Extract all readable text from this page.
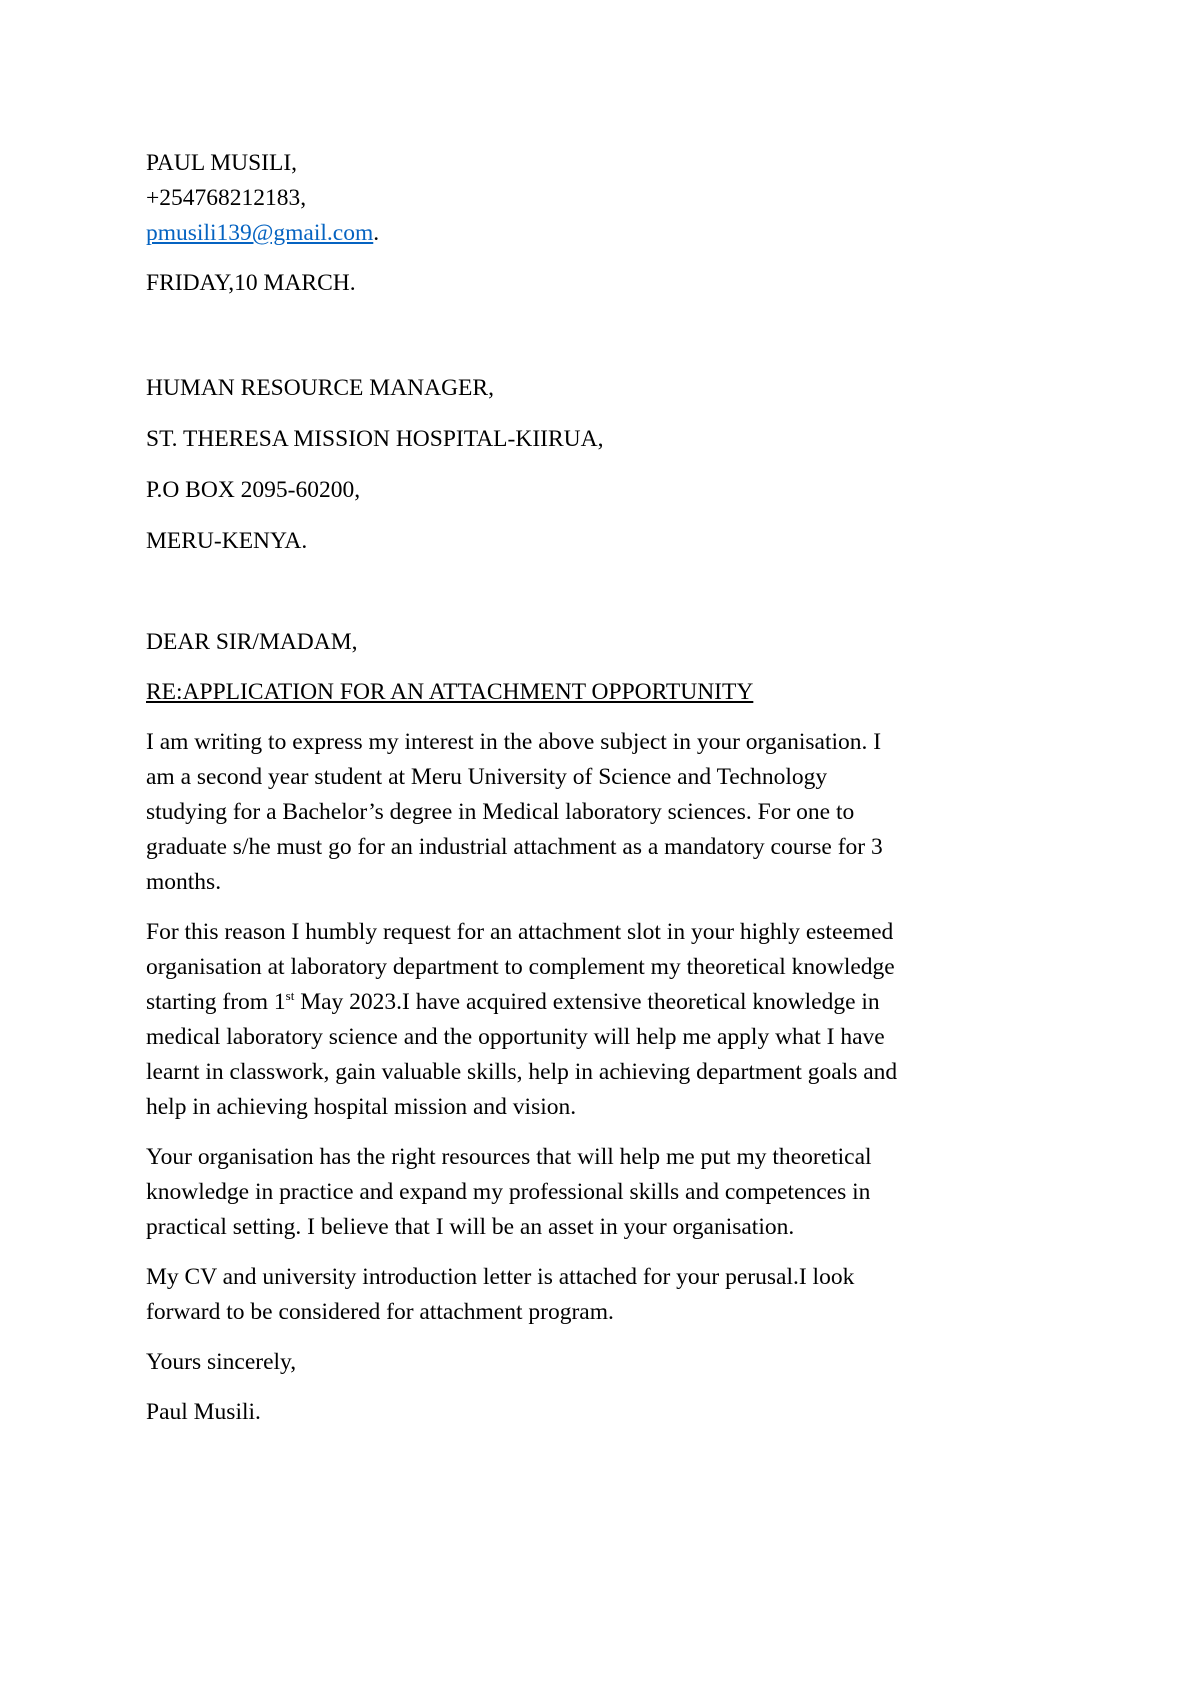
PAUL MUSILI,
+254768212183,
pmusili139@gmail.com.
FRIDAY,10 MARCH.
HUMAN RESOURCE MANAGER,
ST. THERESA MISSION HOSPITAL-KIIRUA,
P.O BOX 2095-60200,
MERU-KENYA.
DEAR SIR/MADAM,
RE:APPLICATION FOR AN ATTACHMENT OPPORTUNITY

I am writing to express my interest in the above subject in your organisation. I
am a second year student at Meru University of Science and Technology
studying for a Bachelor’s degree in Medical laboratory sciences. For one to
graduate s/he must go for an industrial attachment as a mandatory course for 3
months.

For this reason I humbly request for an attachment slot in your highly esteemed
organisation at laboratory department to complement my theoretical knowledge
starting from 1st May 2023.I have acquired extensive theoretical knowledge in
medical laboratory science and the opportunity will help me apply what I have
learnt in classwork, gain valuable skills, help in achieving department goals and
help in achieving hospital mission and vision.

Your organisation has the right resources that will help me put my theoretical
knowledge in practice and expand my professional skills and competences in
practical setting. I believe that I will be an asset in your organisation.

My CV and university introduction letter is attached for your perusal.I look
forward to be considered for attachment program.

Yours sincerely,
Paul Musili.
